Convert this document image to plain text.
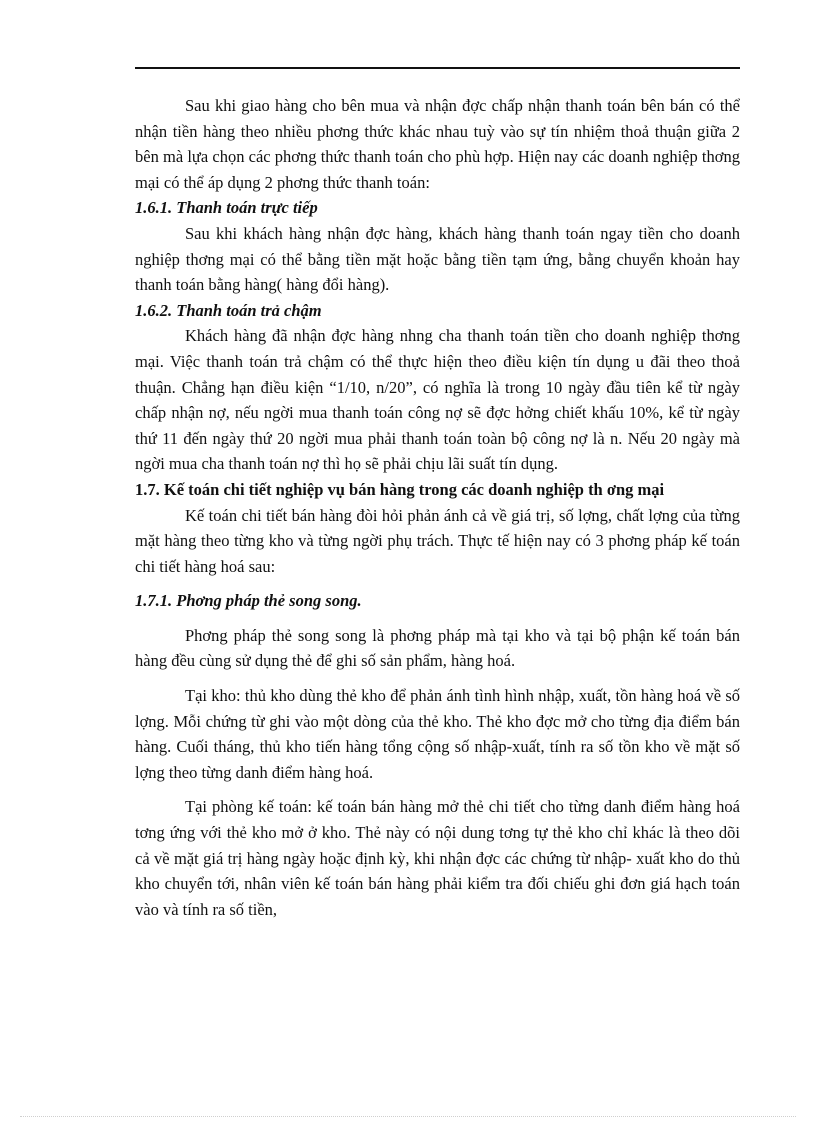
Sau khi giao hàng cho bên mua và nhận đợc chấp nhận thanh toán bên bán có thể nhận tiền hàng theo nhiều phơng thức khác nhau tuỳ vào sự tín nhiệm thoả thuận giữa 2 bên mà lựa chọn các phơng thức thanh toán cho phù hợp. Hiện nay các doanh nghiệp thơng mại có thể áp dụng 2 phơng thức thanh toán:

1.6.1. Thanh toán trực tiếp

Sau khi khách hàng nhận đợc hàng, khách hàng thanh toán ngay tiền cho doanh nghiệp thơng mại có thể bằng tiền mặt hoặc bằng tiền tạm ứng, bằng chuyển khoản hay thanh toán bằng hàng( hàng đổi hàng).

1.6.2. Thanh toán trả chậm

Khách hàng đã nhận đợc hàng nhng cha thanh toán tiền cho doanh nghiệp thơng mại. Việc thanh toán trả chậm có thể thực hiện theo điều kiện tín dụng u đãi theo thoả thuận. Chẳng hạn điều kiện “1/10, n/20”, có nghĩa là trong 10 ngày đầu tiên kể từ ngày chấp nhận nợ, nếu ngời mua thanh toán công nợ sẽ đợc hởng chiết khấu 10%, kể từ ngày thứ 11 đến ngày thứ 20 ngời mua phải thanh toán toàn bộ công nợ là n. Nếu 20 ngày mà ngời mua cha thanh toán nợ thì họ sẽ phải chịu lãi suất tín dụng.

1.7. Kế toán chi tiết nghiệp vụ bán hàng trong các doanh nghiệp th ơng mại

Kế toán chi tiết bán hàng đòi hỏi phản ánh cả về giá trị, số lợng, chất lợng của từng mặt hàng theo từng kho và từng ngời phụ trách. Thực tế hiện nay có 3 phơng pháp kế toán chi tiết hàng hoá sau:

1.7.1. Phơng pháp thẻ song song.

Phơng pháp thẻ song song là phơng pháp mà tại kho và tại bộ phận kế toán bán hàng đều cùng sử dụng thẻ để ghi số sản phẩm, hàng hoá.

Tại kho: thủ kho dùng thẻ kho để phản ánh tình hình nhập, xuất, tồn hàng hoá về số lợng. Mỗi chứng từ ghi vào một dòng của thẻ kho. Thẻ kho đợc mở cho từng địa điểm bán hàng. Cuối tháng, thủ kho tiến hàng tổng cộng số nhập-xuất, tính ra số tồn kho về mặt số lợng theo từng danh điểm hàng hoá.

Tại phòng kế toán: kế toán bán hàng mở thẻ chi tiết cho từng danh điểm hàng hoá tơng ứng với thẻ kho mở ở kho. Thẻ này có nội dung tơng tự thẻ kho chỉ khác là theo dõi cả về mặt giá trị hàng ngày hoặc định kỳ, khi nhận đợc các chứng từ nhập- xuất kho do thủ kho chuyển tới, nhân viên kế toán bán hàng phải kiểm tra đối chiếu ghi đơn giá hạch toán vào và tính ra số tiền,
